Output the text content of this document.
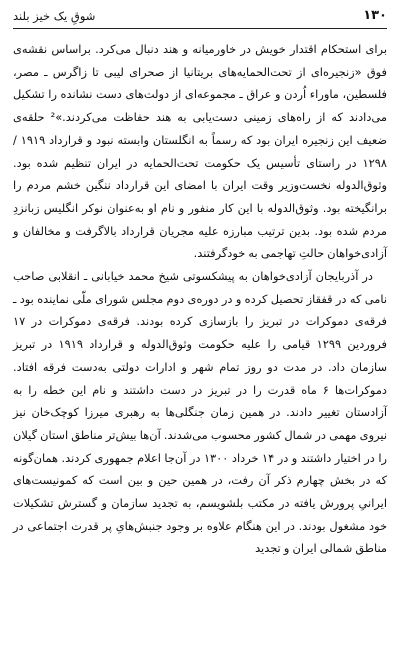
۱۳۰
شوقِ یک خیز بلند

برای استحکام اقتدار خویش در خاورمیانه و هند دنبال می‌کرد. براساس نقشه‌ی فوق «زنجیره‌ای از تحت‌الحمایه‌های بریتانیا از صحرای لیبی تا زاگرس ـ مصر، فلسطین، ماوراء اُردن و عراق ـ مجموعه‌ای از دولت‌های دست نشانده را تشکیل می‌دادند که از راه‌های زمینی دست‌یابی به هند حفاظت می‌کردند.»² حلقه‌ی ضعیف این زنجیره ایران بود که رسماً به انگلستان وابسته نبود و قرارداد ۱۹۱۹ / ۱۲۹۸ در راستای تأسیس یک حکومت تحت‌الحمایه در ایران تنظیم شده بود. وثوق‌الدوله نخست‌وزیر وقت ایران با امضای این قرارداد ننگین خشم مردم را برانگیخته بود. وثوق‌الدوله با این کار منفور و نام او به‌عنوان نوکر انگلیس زبانزدِ مردم شده بود. بدین ترتیب مبارزه علیه مجریان قرارداد بالاگرفت و مخالفان و آزادی‌خواهان حالتِ تهاجمی به خودگرفتند.

در آذربایجان آزادی‌خواهان به پیشکسوتی شیخ محمد خیابانی ـ انقلابی صاحب نامی که در قفقاز تحصیل کرده و در دوره‌ی دوم مجلس شورای ملّی نماینده بود ـ فرقه‌ی دموکرات در تبریز را بازسازی کرده بودند. فرقه‌ی دموکرات در ۱۷ فروردین ۱۲۹۹ قیامی را علیه حکومت وثوق‌الدوله و قرارداد ۱۹۱۹ در تبریز سازمان داد. در مدت دو روز تمام شهر و ادارات دولتی به‌دست فرقه افتاد. دموکرات‌ها ۶ ماه قدرت را در تبریز در دست داشتند و نام این خطه را به آزادستان تغییر دادند. در همین زمان جنگلی‌ها به رهبری میرزا کوچک‌خان نیز نیروی مهمی در شمال کشور محسوب می‌شدند. آن‌ها بیش‌تر مناطق استان گیلان را در اختیار داشتند و در ۱۴ خرداد ۱۳۰۰ در آن‌جا اعلام جمهوری کردند. همان‌گونه که در بخش چهارم ذکر آن رفت، در همین حین و بین است که کمونیست‌های ایرانیِ پرورش یافته در مکتب بلشویسم، به تجدید سازمان و گسترش تشکیلات خود مشغول بودند. در این هنگام علاوه بر وجود جنبش‌هایِ پر قدرت اجتماعی در مناطق شمالی ایران و تجدید
